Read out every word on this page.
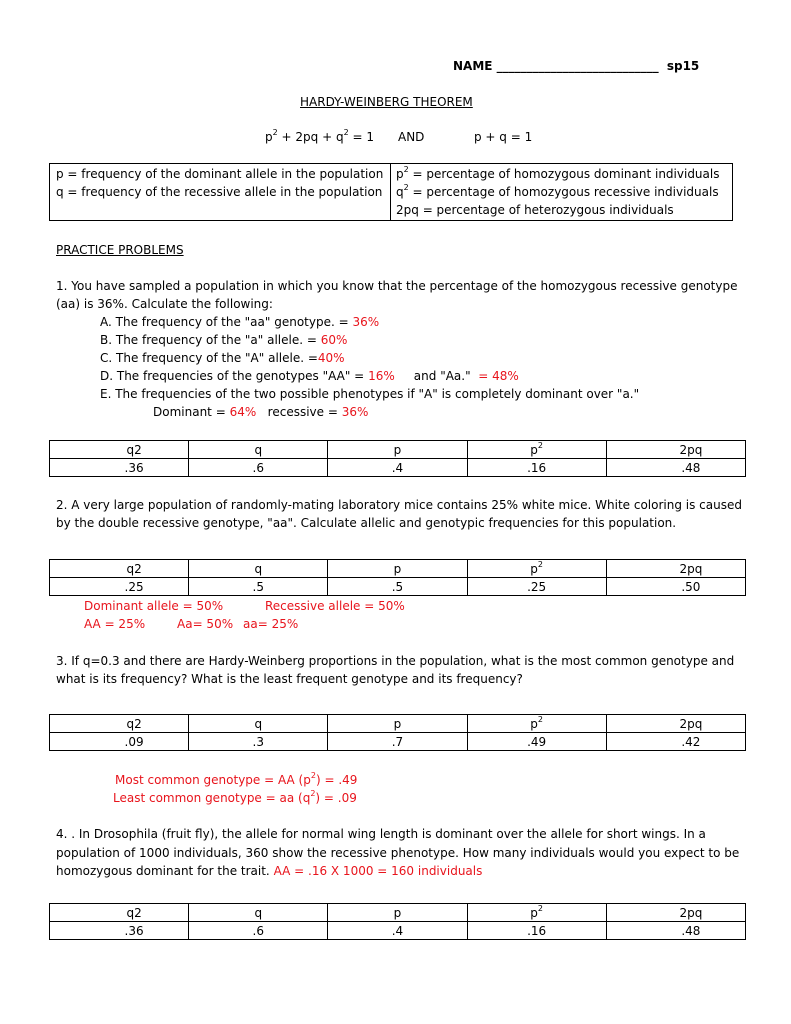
NAME ___________________________ sp15
HARDY-WEINBERG THEOREM
$p^2 + 2pq + q^2 = 1$ AND	p + q = 1
p = frequency of the dominant allele in the population
q = frequency of the recessive allele in the population
$p^2$ = percentage of homozygous dominant individuals
$q^2$ = percentage of homozygous recessive individuals
2pq = percentage of heterozygous individuals
PRACTICE PROBLEMS
1. You have sampled a population in which you know that the percentage of the homozygous recessive genotype
(aa) is 36%. Calculate the following:
A. The frequency of the "aa" genotype. = 36%
B. The frequency of the "a" allele. = 60%
C. The frequency of the "A" allele. =40%
D. The frequencies of the genotypes "AA" = 16%     and "Aa."  = 48%
E. The frequencies of the two possible phenotypes if "A" is completely dominant over "a."
Dominant = 64%   recessive = 36%
q2	q	p	$p^2$	2pq
.36	.6	.4	.16	.48
2. A very large population of randomly-mating laboratory mice contains 25% white mice. White coloring is caused
by the double recessive genotype, "aa". Calculate allelic and genotypic frequencies for this population.
q2	q	p	$p^2$	2pq
.25	.5	.5	.25	.50
Dominant allele = 50%	Recessive allele = 50%
AA = 25%	Aa= 50% aa= 25%
3. If q=0.3 and there are Hardy-Weinberg proportions in the population, what is the most common genotype and
what is its frequency? What is the least frequent genotype and its frequency?
q2	q	p	$p^2$	2pq
.09	.3	.7	.49	.42
Most common genotype = AA $(p^2) = .49$
Least common genotype = aa $(q^2) = .09$
4. . In Drosophila (fruit fly), the allele for normal wing length is dominant over the allele for short wings. In a
population of 1000 individuals, 360 show the recessive phenotype. How many individuals would you expect to be
homozygous dominant for the trait. AA = .16 X 1000 = 160 individuals
q2	q	p	$p^2$	2pq
.36	.6	.4	.16	.48
